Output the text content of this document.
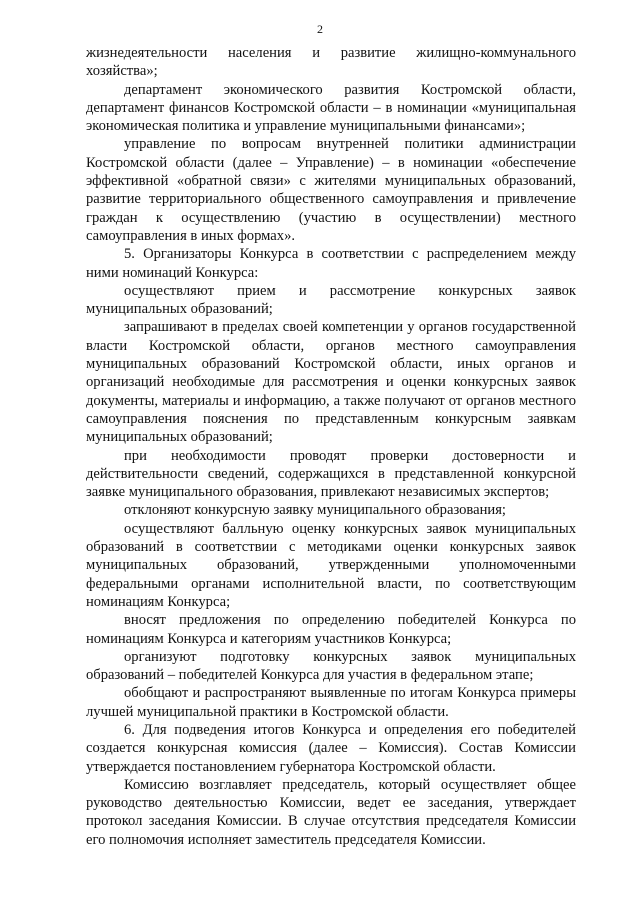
2

жизнедеятельности населения и развитие жилищно-коммунального хозяйства»;

департамент экономического развития Костромской области, департамент финансов Костромской области – в номинации «муниципальная экономическая политика и управление муниципальными финансами»;

управление по вопросам внутренней политики администрации Костромской области (далее – Управление) – в номинации «обеспечение эффективной «обратной связи» с жителями муниципальных образований, развитие территориального общественного самоуправления и привлечение граждан к осуществлению (участию в осуществлении) местного самоуправления в иных формах».

5. Организаторы Конкурса в соответствии с распределением между ними номинаций Конкурса:

осуществляют прием и рассмотрение конкурсных заявок муниципальных образований;

запрашивают в пределах своей компетенции у органов государственной власти Костромской области, органов местного самоуправления муниципальных образований Костромской области, иных органов и организаций необходимые для рассмотрения и оценки конкурсных заявок документы, материалы и информацию, а также получают от органов местного самоуправления пояснения по представленным конкурсным заявкам муниципальных образований;

при необходимости проводят проверки достоверности и действительности сведений, содержащихся в представленной конкурсной заявке муниципального образования, привлекают независимых экспертов;

отклоняют конкурсную заявку муниципального образования;

осуществляют балльную оценку конкурсных заявок муниципальных образований в соответствии с методиками оценки конкурсных заявок муниципальных образований, утвержденными уполномоченными федеральными органами исполнительной власти, по соответствующим номинациям Конкурса;

вносят предложения по определению победителей Конкурса по номинациям Конкурса и категориям участников Конкурса;

организуют подготовку конкурсных заявок муниципальных образований – победителей Конкурса для участия в федеральном этапе;

обобщают и распространяют выявленные по итогам Конкурса примеры лучшей муниципальной практики в Костромской области.

6. Для подведения итогов Конкурса и определения его победителей создается конкурсная комиссия (далее – Комиссия). Состав Комиссии утверждается постановлением губернатора Костромской области.

Комиссию возглавляет председатель, который осуществляет общее руководство деятельностью Комиссии, ведет ее заседания, утверждает протокол заседания Комиссии. В случае отсутствия председателя Комиссии его полномочия исполняет заместитель председателя Комиссии.
